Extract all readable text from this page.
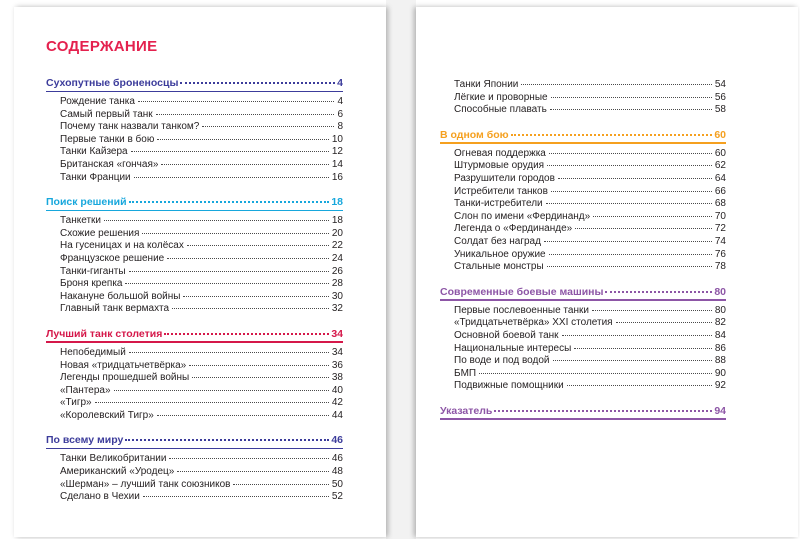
СОДЕРЖАНИЕ
Сухопутные броненосцы	4
Рождение танка	4
Самый первый танк	6
Почему танк назвали танком?	8
Первые танки в бою	10
Танки Кайзера	12
Британская «гончая»	14
Танки Франции	16
Поиск решений	18
Танкетки	18
Схожие решения	20
На гусеницах и на колёсах	22
Французское решение	24
Танки-гиганты	26
Броня крепка	28
Накануне большой войны	30
Главный танк вермахта	32
Лучший танк столетия	34
Непобедимый	34
Новая «тридцатьчетвёрка»	36
Легенды прошедшей войны	38
«Пантера»	40
«Тигр»	42
«Королевский Тигр»	44
По всему миру	46
Танки Великобритании	46
Американский «Уродец»	48
«Шерман» – лучший танк союзников	50
Сделано в Чехии	52
Танки Японии	54
Лёгкие и проворные	56
Способные плавать	58
В одном бою	60
Огневая поддержка	60
Штурмовые орудия	62
Разрушители городов	64
Истребители танков	66
Танки-истребители	68
Слон по имени «Фердинанд»	70
Легенда о «Фердинанде»	72
Солдат без наград	74
Уникальное оружие	76
Стальные монстры	78
Современные боевые машины	80
Первые послевоенные танки	80
«Тридцатьчетвёрка» XXI столетия	82
Основной боевой танк	84
Национальные интересы	86
По воде и под водой	88
БМП	90
Подвижные помощники	92
Указатель	94
